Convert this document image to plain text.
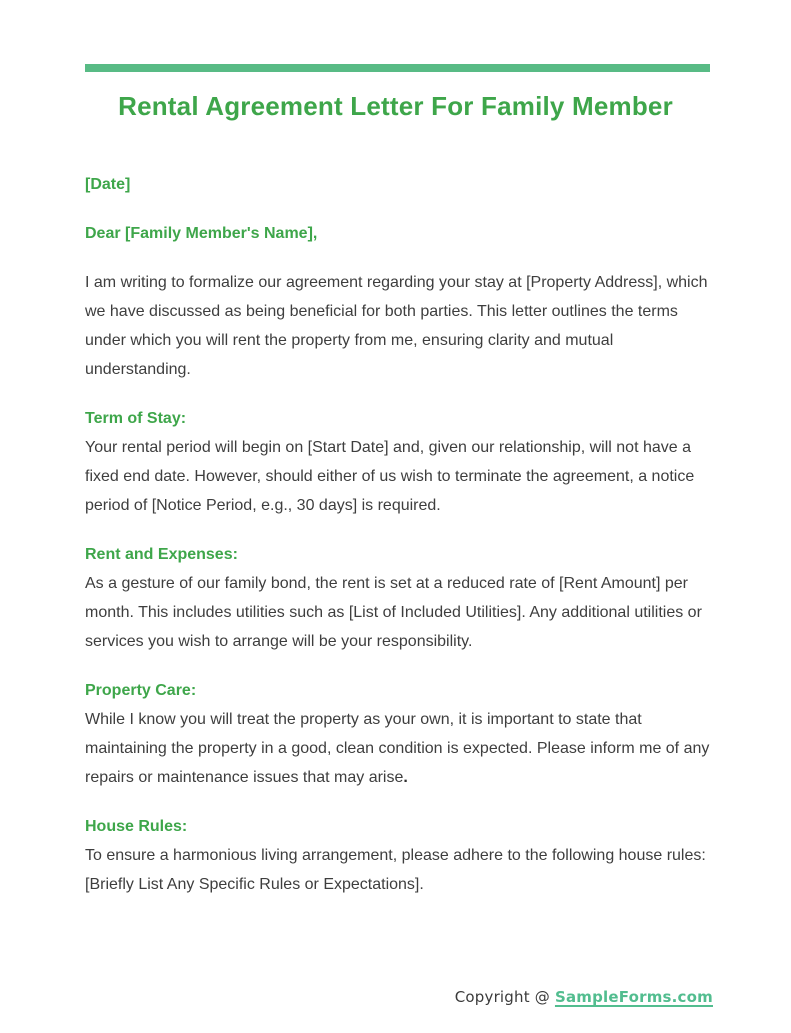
Rental Agreement Letter For Family Member

[Date]

Dear [Family Member's Name],

I am writing to formalize our agreement regarding your stay at [Property Address], which we have discussed as being beneficial for both parties. This letter outlines the terms under which you will rent the property from me, ensuring clarity and mutual understanding.

Term of Stay:

Your rental period will begin on [Start Date] and, given our relationship, will not have a fixed end date. However, should either of us wish to terminate the agreement, a notice period of [Notice Period, e.g., 30 days] is required.

Rent and Expenses:

As a gesture of our family bond, the rent is set at a reduced rate of [Rent Amount] per month. This includes utilities such as [List of Included Utilities]. Any additional utilities or services you wish to arrange will be your responsibility.

Property Care:

While I know you will treat the property as your own, it is important to state that maintaining the property in a good, clean condition is expected. Please inform me of any repairs or maintenance issues that may arise.

House Rules:

To ensure a harmonious living arrangement, please adhere to the following house rules: [Briefly List Any Specific Rules or Expectations].

Copyright @ SampleForms.com
